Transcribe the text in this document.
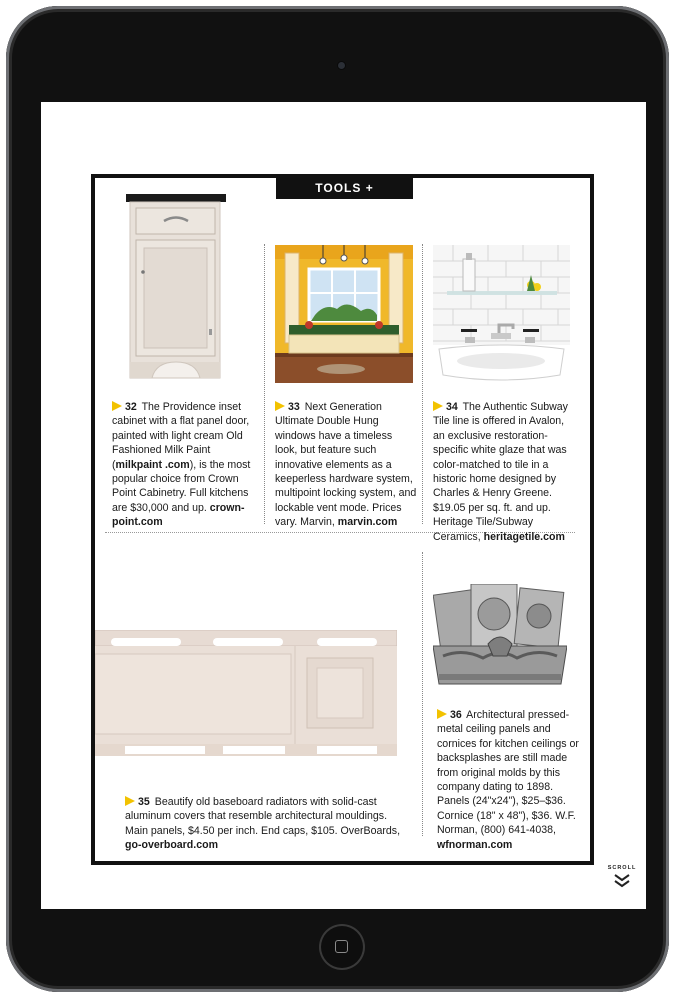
TOOLS + MATERIALS
32 The Providence inset cabinet with a flat panel door, painted with light cream Old Fashioned Milk Paint (milkpaint .com), is the most popular choice from Crown Point Cabinetry. Full kitchens are $30,000 and up. crown-point.com
33 Next Generation Ultimate Double Hung windows have a timeless look, but feature such innovative elements as a keeperless hardware system, multipoint locking system, and lockable vent mode. Prices vary. Marvin, marvin.com
34 The Authentic Subway Tile line is offered in Avalon, an exclusive restoration-specific white glaze that was color-matched to tile in a historic home designed by Charles & Henry Greene. $19.05 per sq. ft. and up. Heritage Tile/Subway Ceramics, heritagetile.com
35 Beautify old baseboard radiators with solid-cast aluminum covers that resemble architectural mouldings. Main panels, $4.50 per inch. End caps, $105. OverBoards, go-overboard.com
36 Architectural pressed-metal ceiling panels and cornices for kitchen ceilings or backsplashes are still made from original molds by this company dating to 1898. Panels (24"x24"), $25–$36. Cornice (18" x 48"), $36. W.F. Norman, (800) 641-4038, wfnorman.com
SCROLL
